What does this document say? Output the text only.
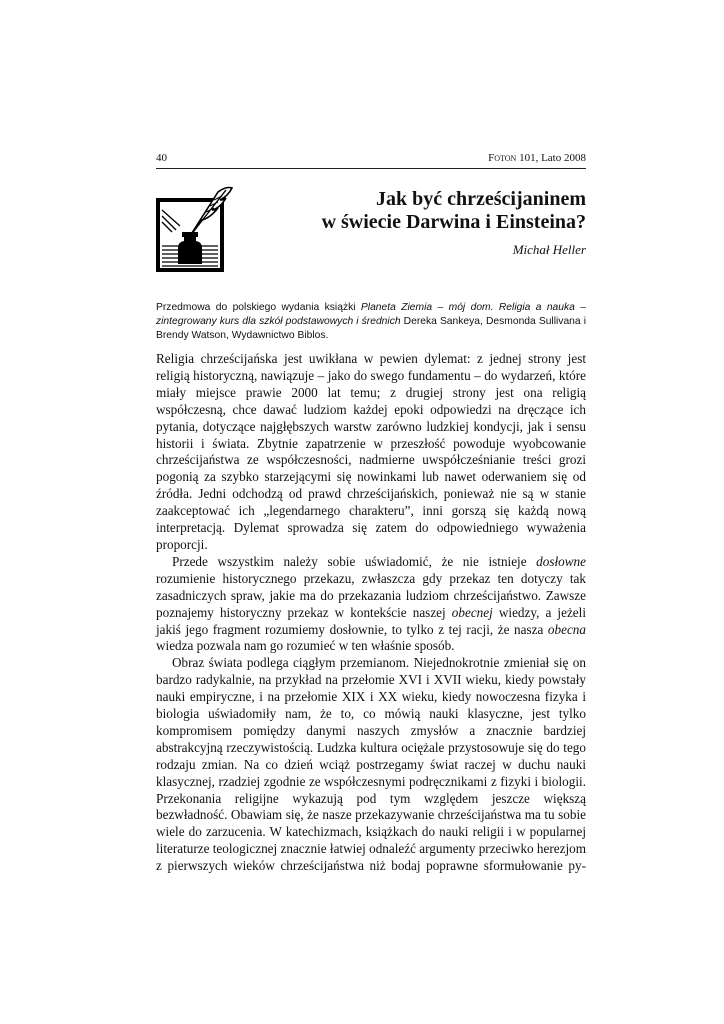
40	Foton 101, Lato 2008
Jak być chrześcijaninem
w świecie Darwina i Einsteina?
Michał Heller
Przedmowa do polskiego wydania książki Planeta Ziemia – mój dom. Religia a nauka – zintegrowany kurs dla szkół podstawowych i średnich Dereka Sankeya, Desmonda Sullivana i Brendy Watson, Wydawnictwo Biblos.

Religia chrześcijańska jest uwikłana w pewien dylemat: z jednej strony jest religią historyczną, nawiązuje – jako do swego fundamentu – do wydarzeń, które miały miejsce prawie 2000 lat temu; z drugiej strony jest ona religią współczesną, chce dawać ludziom każdej epoki odpowiedzi na dręczące ich pytania, dotyczące najgłębszych warstw zarówno ludzkiej kondycji, jak i sensu historii i świata. Zbytnie zapatrzenie w przeszłość powoduje wyobcowanie chrześcijaństwa ze współczesności, nadmierne uwspółcześnianie treści grozi pogonią za szybko starzejącymi się nowinkami lub nawet oderwaniem się od źródła. Jedni odchodzą od prawd chrześcijańskich, ponieważ nie są w stanie zaakceptować ich „legendarnego charakteru”, inni gorszą się każdą nową interpretacją. Dylemat sprowadza się zatem do odpowiedniego wyważenia proporcji.

Przede wszystkim należy sobie uświadomić, że nie istnieje dosłowne rozumienie historycznego przekazu, zwłaszcza gdy przekaz ten dotyczy tak zasadniczych spraw, jakie ma do przekazania ludziom chrześcijaństwo. Zawsze poznajemy historyczny przekaz w kontekście naszej obecnej wiedzy, a jeżeli jakiś jego fragment rozumiemy dosłownie, to tylko z tej racji, że nasza obecna wiedza pozwala nam go rozumieć w ten właśnie sposób.

Obraz świata podlega ciągłym przemianom. Niejednokrotnie zmieniał się on bardzo radykalnie, na przykład na przełomie XVI i XVII wieku, kiedy powstały nauki empiryczne, i na przełomie XIX i XX wieku, kiedy nowoczesna fizyka i biologia uświadomiły nam, że to, co mówią nauki klasyczne, jest tylko kompromisem pomiędzy danymi naszych zmysłów a znacznie bardziej abstrakcyjną rzeczywistością. Ludzka kultura ociężale przystosowuje się do tego rodzaju zmian. Na co dzień wciąż postrzegamy świat raczej w duchu nauki klasycznej, rzadziej zgodnie ze współczesnymi podręcznikami z fizyki i biologii. Przekonania religijne wykazują pod tym względem jeszcze większą bezwładność. Obawiam się, że nasze przekazywanie chrześcijaństwa ma tu sobie wiele do zarzucenia. W katechizmach, książkach do nauki religii i w popularnej literaturze teologicznej znacznie łatwiej odnaleźć argumenty przeciwko herezjom z pierwszych wieków chrześcijaństwa niż bodaj poprawne sformułowanie py-
